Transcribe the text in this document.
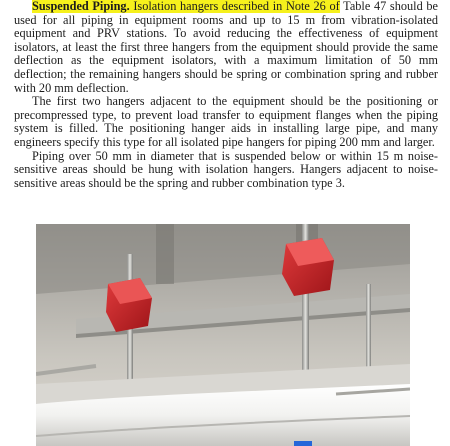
Suspended Piping. Isolation hangers described in Note 26 of Table 47 should be used for all piping in equipment rooms and up to 15 m from vibration-isolated equipment and PRV stations. To avoid reducing the effectiveness of equipment isolators, at least the first three hangers from the equipment should provide the same deflection as the equipment isolators, with a maximum limitation of 50 mm deflection; the remaining hangers should be spring or combination spring and rubber with 20 mm deflection.

The first two hangers adjacent to the equipment should be the positioning or precompressed type, to prevent load transfer to equipment flanges when the piping system is filled. The positioning hanger aids in installing large pipe, and many engineers specify this type for all isolated pipe hangers for piping 200 mm and larger.

Piping over 50 mm in diameter that is suspended below or within 15 m noise-sensitive areas should be hung with isolation hangers. Hangers adjacent to noise-sensitive areas should be the spring and rubber combination type 3.
